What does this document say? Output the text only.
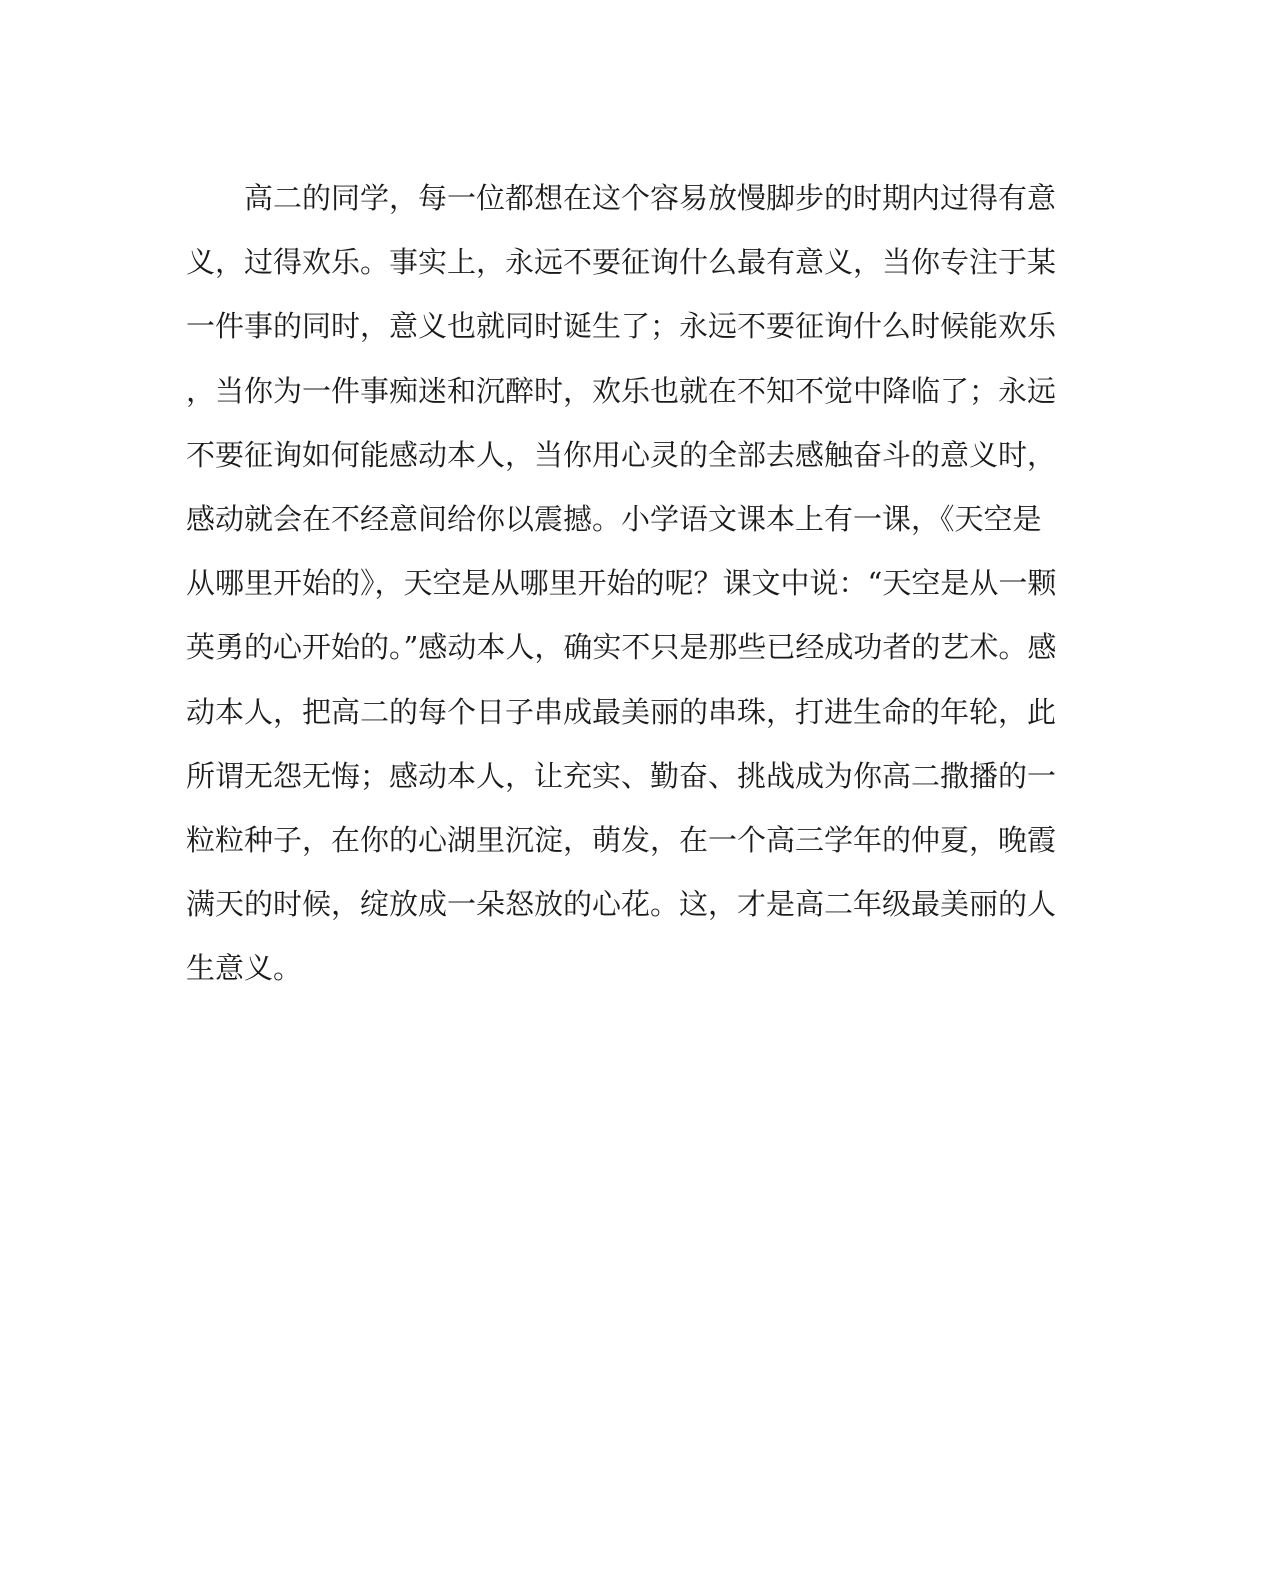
高二的同学，每一位都想在这个容易放慢脚步的时期内过得有意
义，过得欢乐。事实上，永远不要征询什么最有意义，当你专注于某
一件事的同时，意义也就同时诞生了；永远不要征询什么时候能欢乐
，当你为一件事痴迷和沉醉时，欢乐也就在不知不觉中降临了；永远
不要征询如何能感动本人，当你用心灵的全部去感触奋斗的意义时，
感动就会在不经意间给你以震撼。小学语文课本上有一课，《天空是
从哪里开始的》，天空是从哪里开始的呢？课文中说：“天空是从一颗
英勇的心开始的。”感动本人，确实不只是那些已经成功者的艺术。感
动本人，把高二的每个日子串成最美丽的串珠，打进生命的年轮，此
所谓无怨无悔；感动本人，让充实、勤奋、挑战成为你高二撒播的一
粒粒种子，在你的心湖里沉淀，萌发，在一个高三学年的仲夏，晚霞
满天的时候，绽放成一朵怒放的心花。这，才是高二年级最美丽的人
生意义。
